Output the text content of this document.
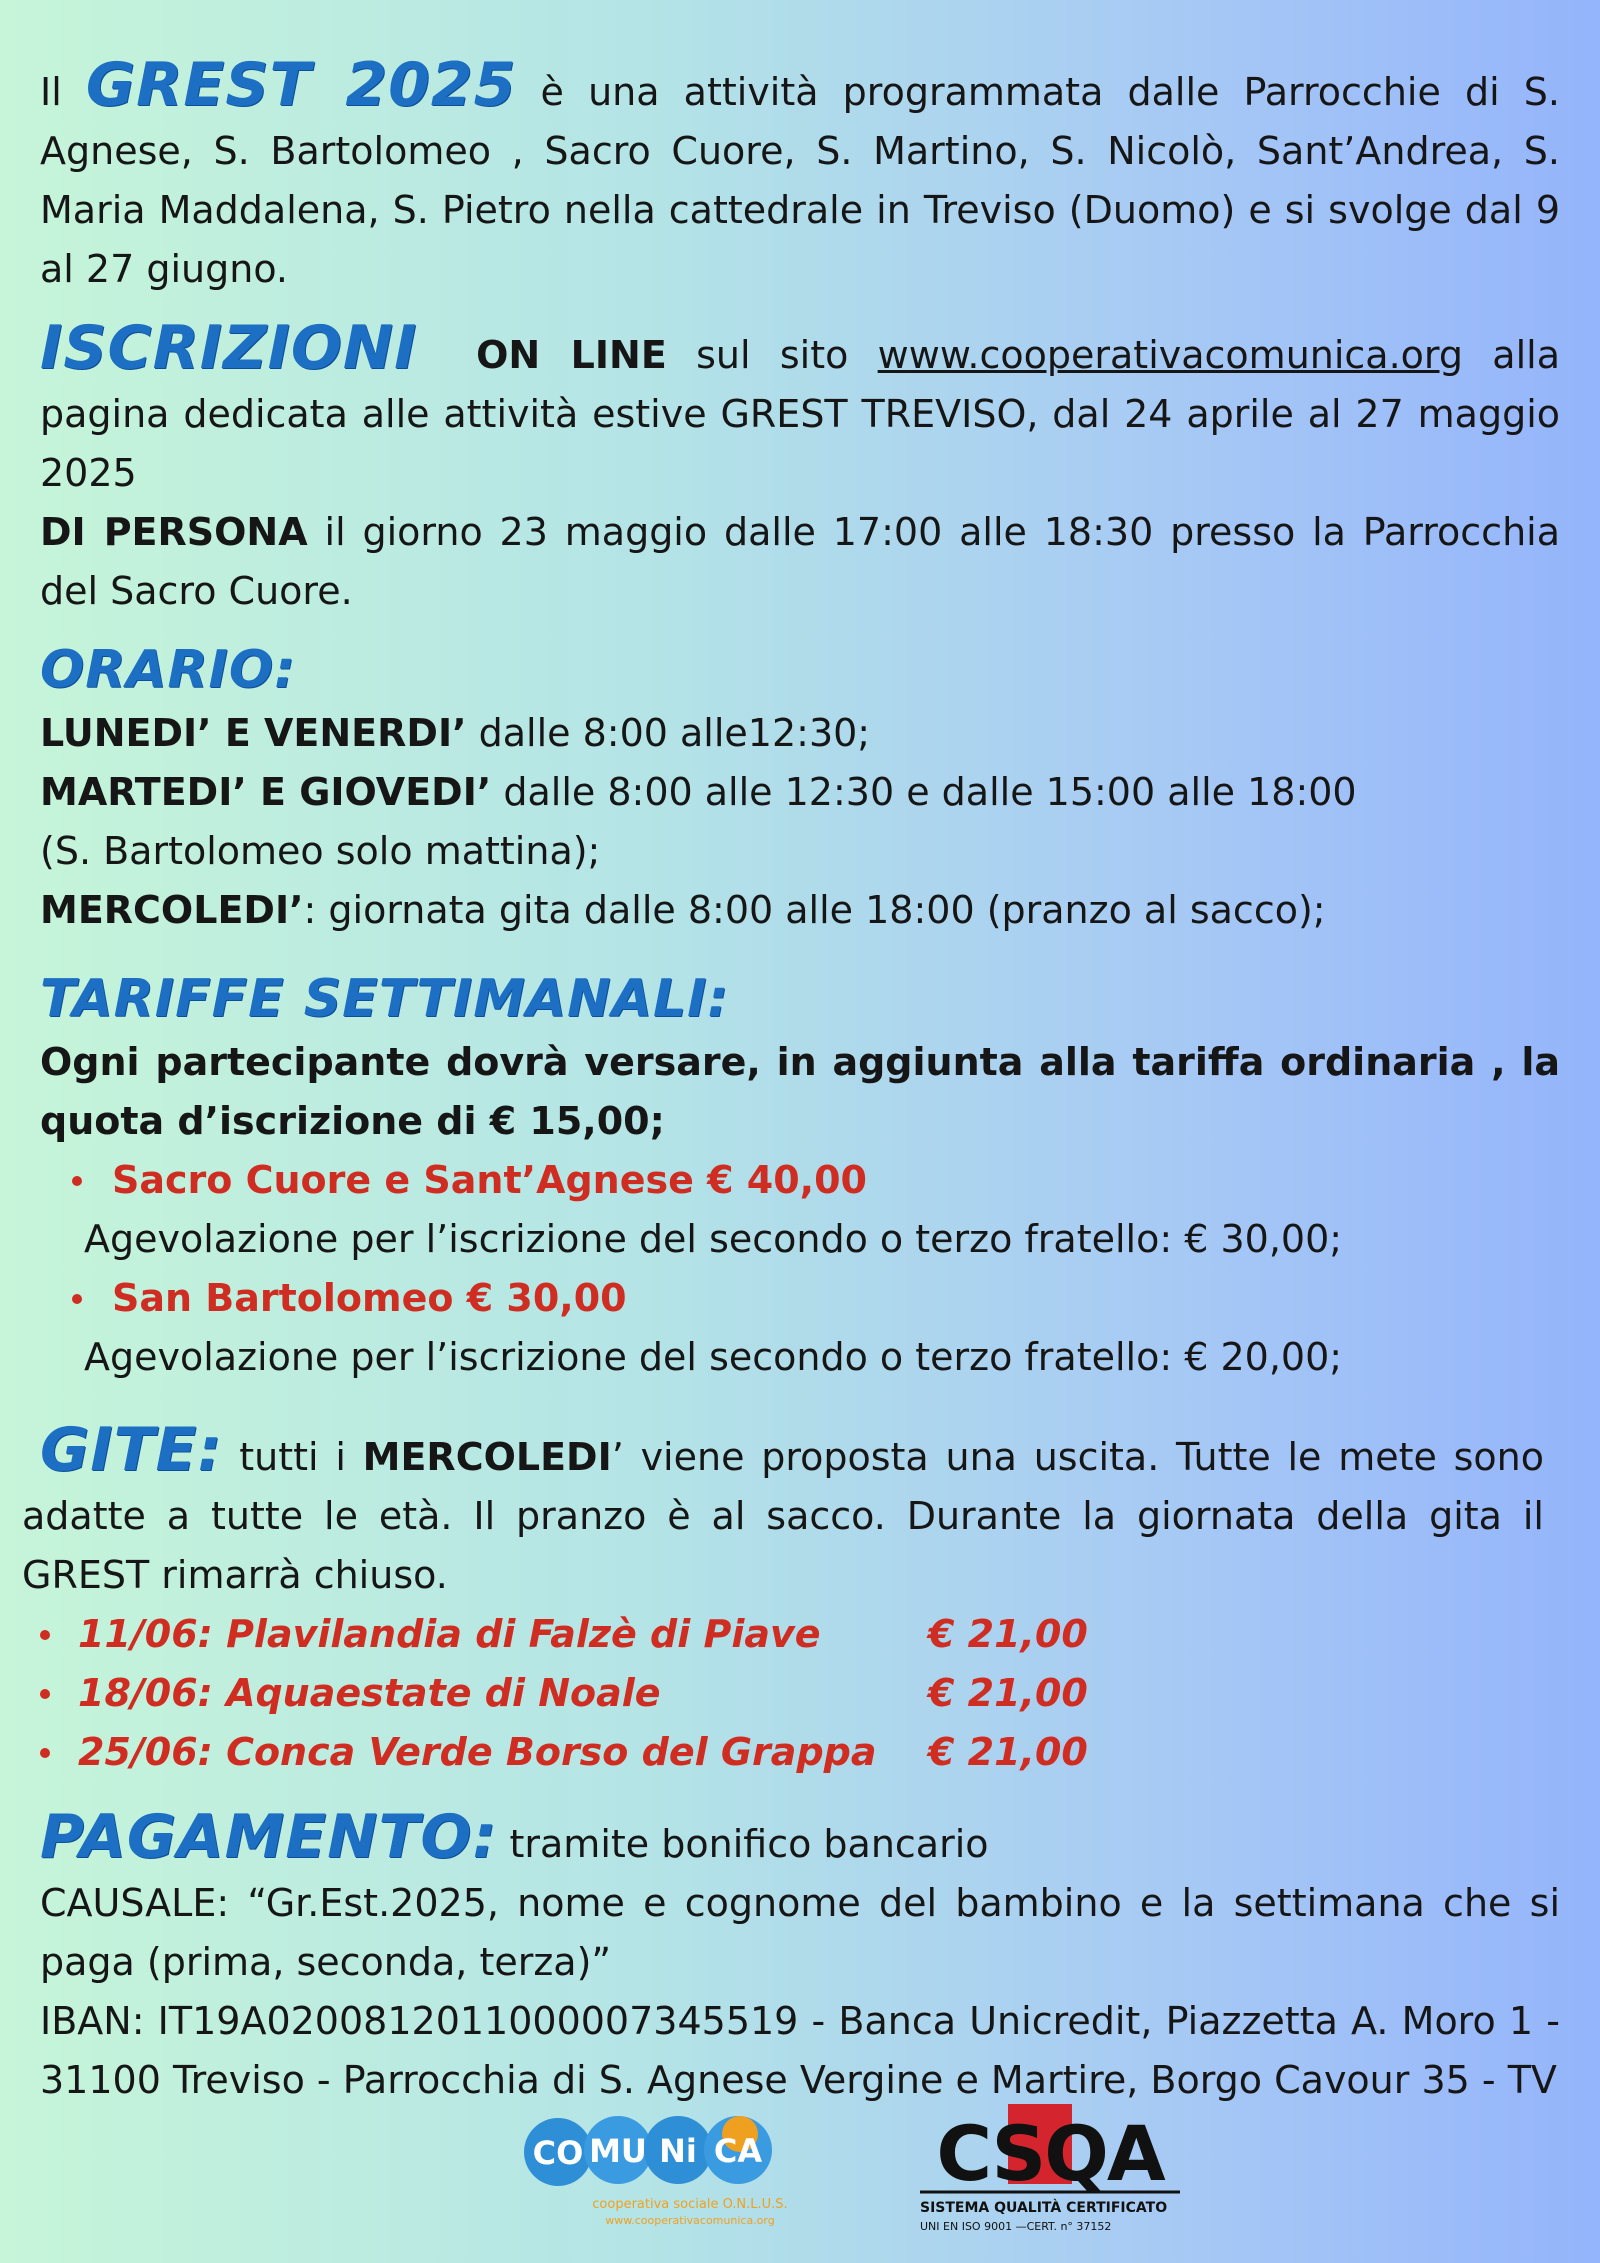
Il GREST 2025 è una attività programmata dalle Parrocchie di S. Agnese, S. Bartolomeo , Sacro Cuore, S. Martino, S. Nicolò, Sant’Andrea, S. Maria Maddalena, S. Pietro nella cattedrale in Treviso (Duomo) e si svolge dal 9 al 27 giugno.

ISCRIZIONI ON LINE sul sito www.cooperativacomunica.org alla pagina dedicata alle attività estive GREST TREVISO, dal 24 aprile al 27 maggio 2025
DI PERSONA il giorno 23 maggio dalle 17:00 alle 18:30 presso la Parrocchia del Sacro Cuore.

ORARIO:

LUNEDI’ E VENERDI’ dalle 8:00 alle12:30;

MARTEDI’ E GIOVEDI’ dalle 8:00 alle 12:30 e dalle 15:00 alle 18:00

(S. Bartolomeo solo mattina);

MERCOLEDI’: giornata gita dalle 8:00 alle 18:00 (pranzo al sacco);

TARIFFE SETTIMANALI:

Ogni partecipante dovrà versare, in aggiunta alla tariffa ordinaria , la quota d’iscrizione di € 15,00;

Sacro Cuore e Sant’Agnese € 40,00
Agevolazione per l’iscrizione del secondo o terzo fratello: € 30,00;
San Bartolomeo € 30,00
Agevolazione per l’iscrizione del secondo o terzo fratello: € 20,00;

GITE: tutti i MERCOLEDI’ viene proposta una uscita. Tutte le mete sono adatte a tutte le età. Il pranzo è al sacco. Durante la giornata della gita il GREST rimarrà chiuso.

11/06: Plavilandia di Falzè di Piave	€ 21,00
18/06: Aquaestate di Noale	€ 21,00
25/06: Conca Verde Borso del Grappa € 21,00

PAGAMENTO: tramite bonifico bancario

CAUSALE: “Gr.Est.2025, nome e cognome del bambino e la settimana che si paga (prima, seconda, terza)”

IBAN: IT19A0200812011000007345519 - Banca Unicredit, Piazzetta A. Moro 1 - 31100 Treviso - Parrocchia di S. Agnese Vergine e Martire, Borgo Cavour 35 - TV

CO MU Ni CA
cooperativa sociale O.N.L.U.S.
www.cooperativacomunica.org
CSQA
SISTEMA QUALITÀ CERTIFICATO
UNI EN ISO 9001 —CERT. n° 37152
